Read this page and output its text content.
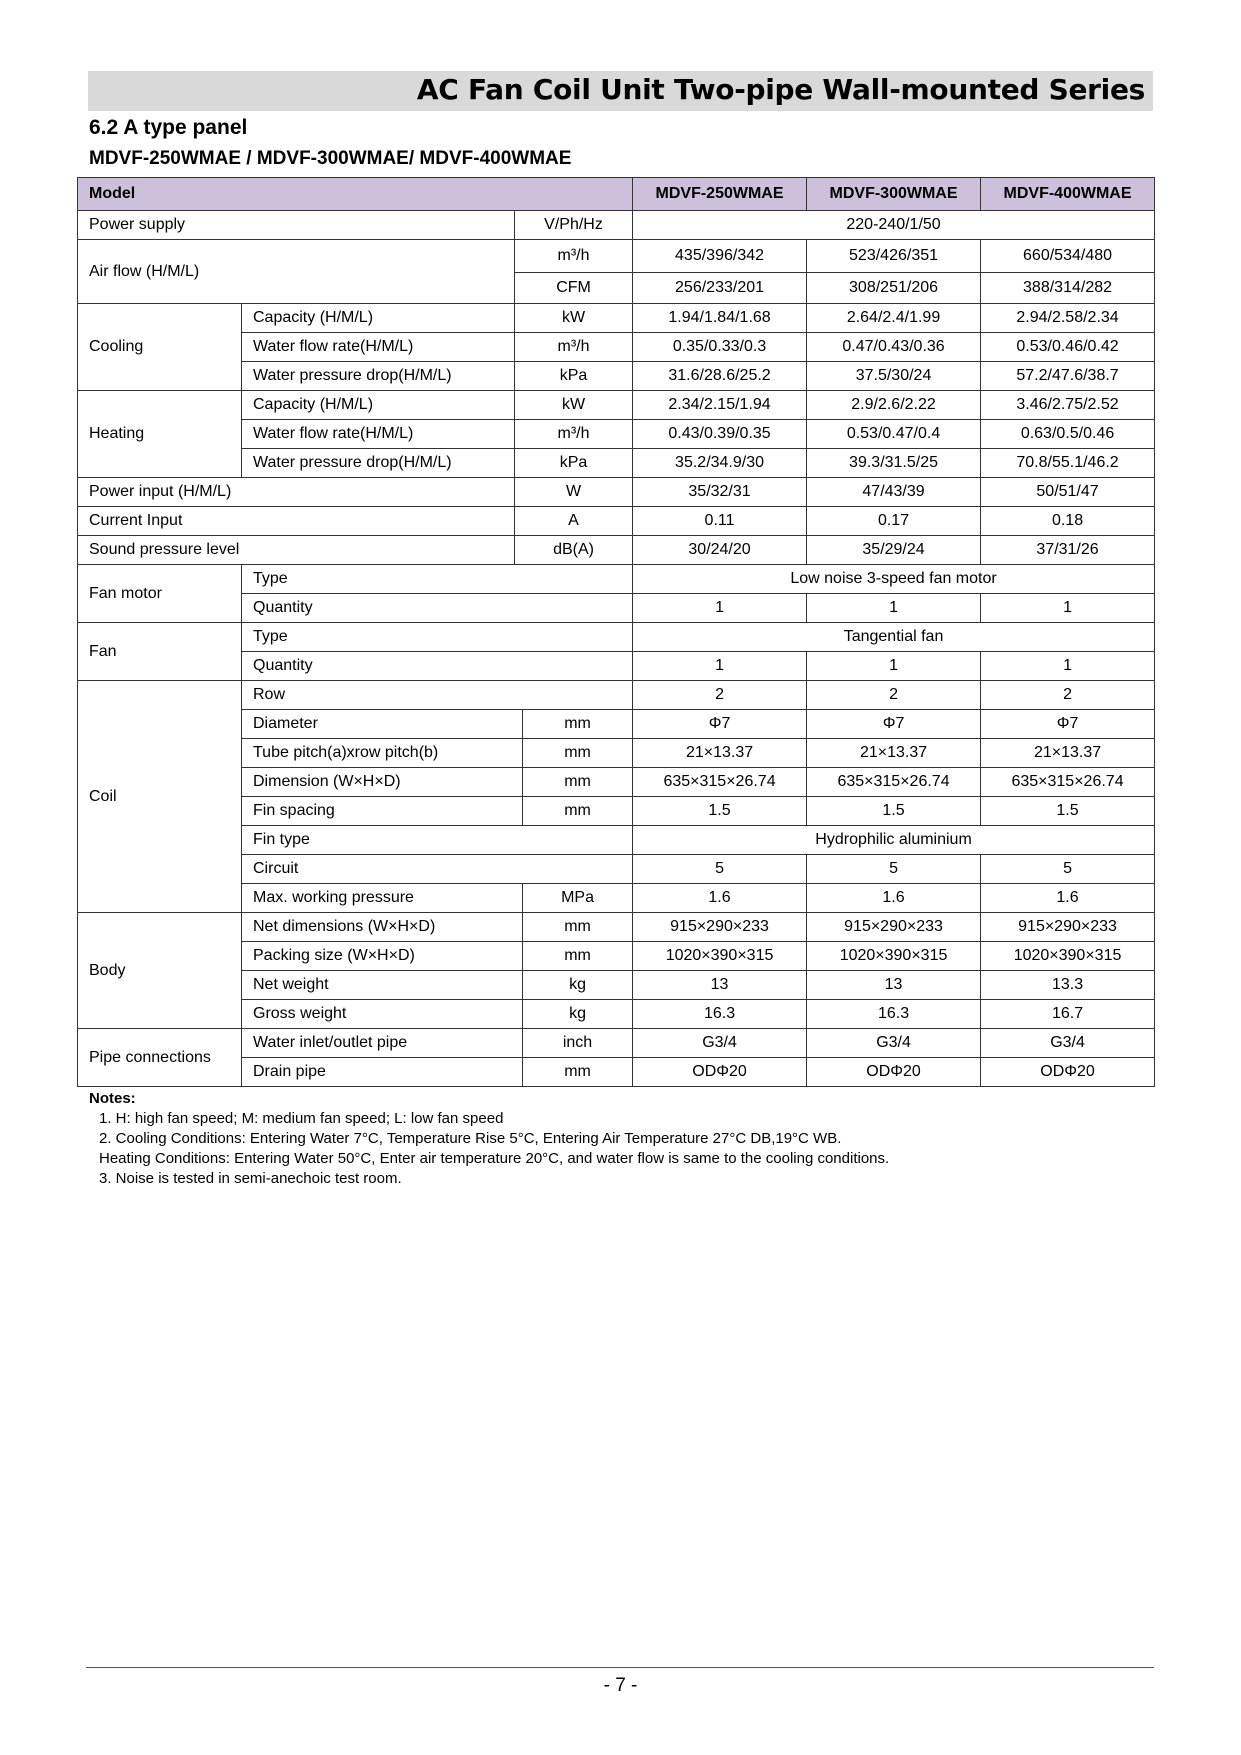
AC Fan Coil Unit Two-pipe Wall-mounted Series
6.2 A type panel
MDVF-250WMAE / MDVF-300WMAE/ MDVF-400WMAE
Model				MDVF-250WMAE	MDVF-300WMAE	MDVF-400WMAE
Power supply		V/Ph/Hz		220-240/1/50		
Air flow (H/M/L)		m³/h		435/396/342	523/426/351	660/534/480
		CFM		256/233/201	308/251/206	388/314/282
Cooling	Capacity (H/M/L)	kW		1.94/1.84/1.68	2.64/2.4/1.99	2.94/2.58/2.34
	Water flow rate(H/M/L)	m³/h		0.35/0.33/0.3	0.47/0.43/0.36	0.53/0.46/0.42
	Water pressure drop(H/M/L)	kPa		31.6/28.6/25.2	37.5/30/24	57.2/47.6/38.7
Heating	Capacity (H/M/L)	kW		2.34/2.15/1.94	2.9/2.6/2.22	3.46/2.75/2.52
	Water flow rate(H/M/L)	m³/h		0.43/0.39/0.35	0.53/0.47/0.4	0.63/0.5/0.46
	Water pressure drop(H/M/L)	kPa		35.2/34.9/30	39.3/31.5/25	70.8/55.1/46.2
Power input (H/M/L)		W		35/32/31	47/43/39	50/51/47
Current Input		A		0.11	0.17	0.18
Sound pressure level		dB(A)		30/24/20	35/29/24	37/31/26
Fan motor	Type			Low noise 3-speed fan motor		
	Quantity			1	1	1
Fan	Type			Tangential fan		
	Quantity			1	1	1
Coil	Row			2	2	2
	Diameter		mm	Φ7	Φ7	Φ7
	Tube pitch(a)xrow pitch(b)		mm	21×13.37	21×13.37	21×13.37
	Dimension (W×H×D)		mm	635×315×26.74	635×315×26.74	635×315×26.74
	Fin spacing		mm	1.5	1.5	1.5
	Fin type			Hydrophilic aluminium		
	Circuit			5	5	5
	Max. working pressure		MPa	1.6	1.6	1.6
Body	Net dimensions (W×H×D)		mm	915×290×233	915×290×233	915×290×233
	Packing size (W×H×D)		mm	1020×390×315	1020×390×315	1020×390×315
	Net weight		kg	13	13	13.3
	Gross weight		kg	16.3	16.3	16.7
Pipe connections	Water inlet/outlet pipe		inch	G3/4	G3/4	G3/4
	Drain pipe		mm	ODΦ20	ODΦ20	ODΦ20
Notes:
1. H: high fan speed; M: medium fan speed; L: low fan speed
2. Cooling Conditions: Entering Water 7°C, Temperature Rise 5°C, Entering Air Temperature 27°C DB,19°C WB.
Heating Conditions: Entering Water 50°C, Enter air temperature 20°C, and water flow is same to the cooling conditions.
3. Noise is tested in semi-anechoic test room.
- 7 -
